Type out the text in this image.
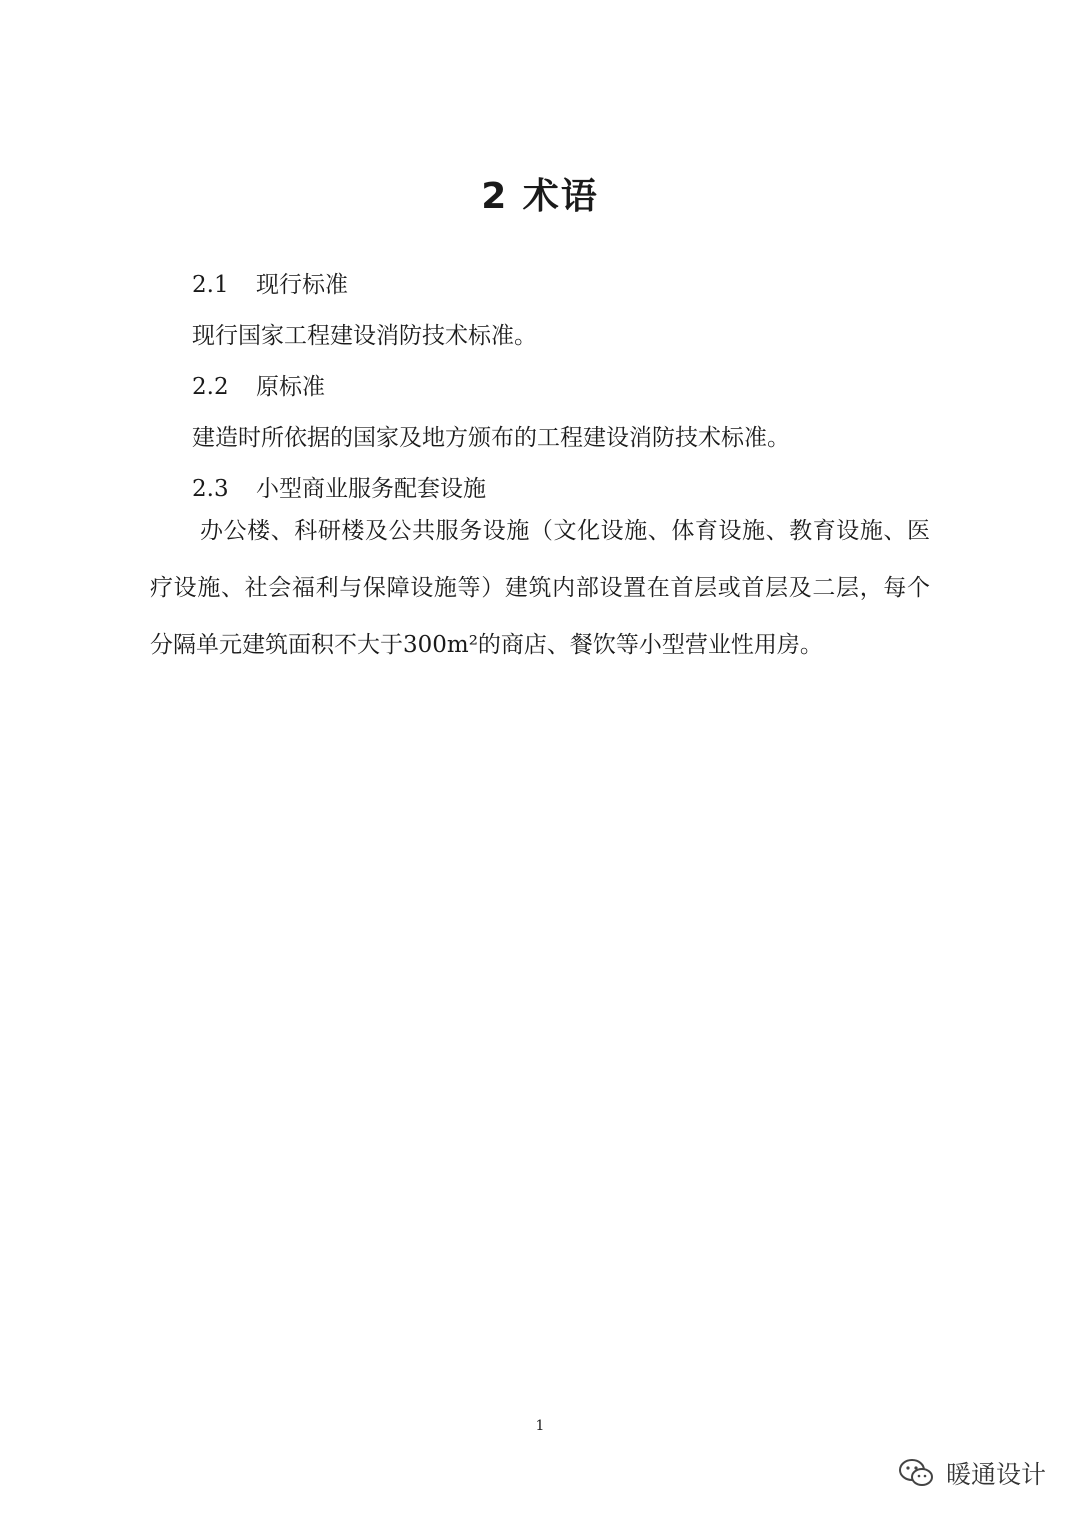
2 术语

2.1 现行标准

现行国家工程建设消防技术标准。

2.2 原标准

建造时所依据的国家及地方颁布的工程建设消防技术标准。

2.3 小型商业服务配套设施

办公楼、科研楼及公共服务设施（文化设施、体育设施、教育设施、医疗设施、社会福利与保障设施等）建筑内部设置在首层或首层及二层，每个分隔单元建筑面积不大于300m²的商店、餐饮等小型营业性用房。

1
暖通设计
